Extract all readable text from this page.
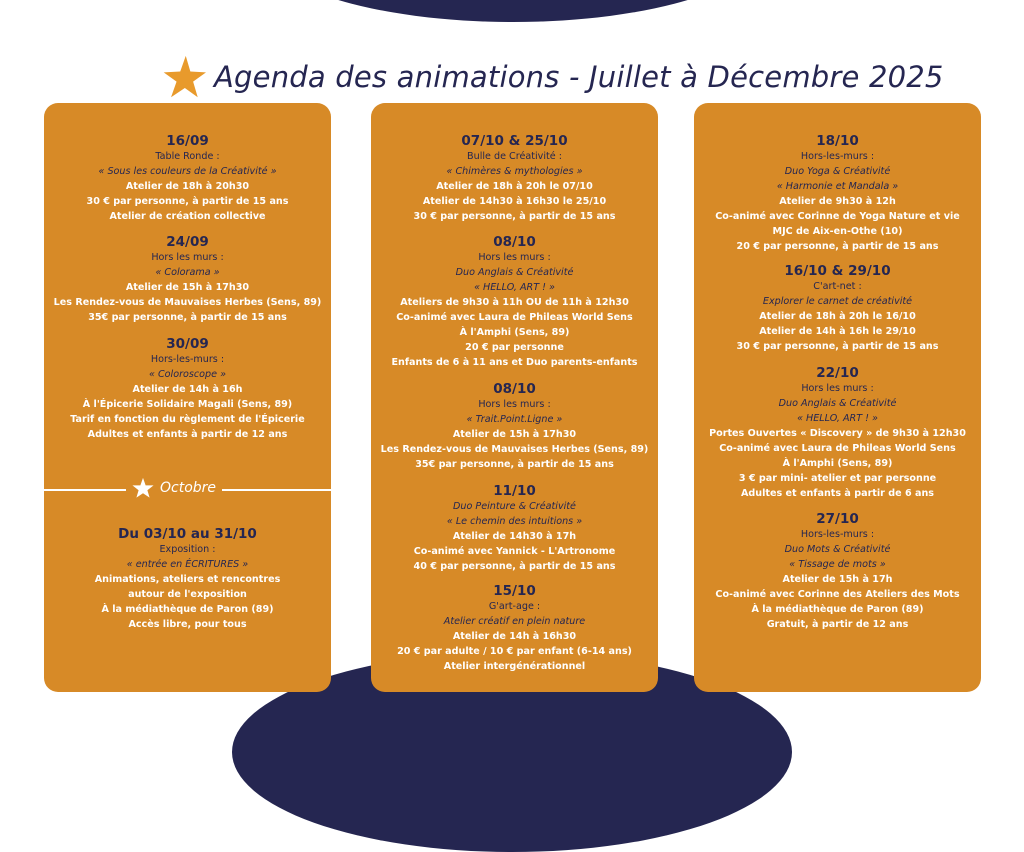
Agenda des animations - Juillet à Décembre 2025
16/09
Table Ronde :
« Sous les couleurs de la Créativité »
Atelier de 18h à 20h30
30 € par personne, à partir de 15 ans
Atelier de création collective
24/09
Hors les murs :
« Colorama »
Atelier de 15h à 17h30
Les Rendez-vous de Mauvaises Herbes (Sens, 89)
35€ par personne, à partir de 15 ans
30/09
Hors-les-murs :
« Coloroscope »
Atelier de 14h à 16h
À l'Épicerie Solidaire Magali (Sens, 89)
Tarif en fonction du règlement de l'Épicerie
Adultes et enfants à partir de 12 ans
Octobre
Du 03/10 au 31/10
Exposition :
« entrée en ÉCRITURES »
Animations, ateliers et rencontres
autour de l'exposition
À la médiathèque de Paron (89)
Accès libre, pour tous
07/10 & 25/10
Bulle de Créativité :
« Chimères & mythologies »
Atelier de 18h à 20h le 07/10
Atelier de 14h30 à 16h30 le 25/10
30 € par personne, à partir de 15 ans
08/10
Hors les murs :
Duo Anglais & Créativité
« HELLO, ART ! »
Ateliers de 9h30 à 11h OU de 11h à 12h30
Co-animé avec Laura de Phileas World Sens
À l'Amphi (Sens, 89)
20 € par personne
Enfants de 6 à 11 ans et Duo parents-enfants
08/10
Hors les murs :
« Trait.Point.Ligne »
Atelier de 15h à 17h30
Les Rendez-vous de Mauvaises Herbes (Sens, 89)
35€ par personne, à partir de 15 ans
11/10
Duo Peinture & Créativité
« Le chemin des intuitions »
Atelier de 14h30 à 17h
Co-animé avec Yannick - L'Artronome
40 € par personne, à partir de 15 ans
15/10
G'art-age :
Atelier créatif en plein nature
Atelier de 14h à 16h30
20 € par adulte / 10 € par enfant (6-14 ans)
Atelier intergénérationnel
18/10
Hors-les-murs :
Duo Yoga & Créativité
« Harmonie et Mandala »
Atelier de 9h30 à 12h
Co-animé avec Corinne de Yoga Nature et vie
MJC de Aix-en-Othe (10)
20 € par personne, à partir de 15 ans
16/10 & 29/10
C'art-net :
Explorer le carnet de créativité
Atelier de 18h à 20h le 16/10
Atelier de 14h à 16h le 29/10
30 € par personne, à partir de 15 ans
22/10
Hors les murs :
Duo Anglais & Créativité
« HELLO, ART ! »
Portes Ouvertes « Discovery » de 9h30 à 12h30
Co-animé avec Laura de Phileas World Sens
À l'Amphi (Sens, 89)
3 € par mini- atelier et par personne
Adultes et enfants à partir de 6 ans
27/10
Hors-les-murs :
Duo Mots & Créativité
« Tissage de mots »
Atelier de 15h à 17h
Co-animé avec Corinne des Ateliers des Mots
À la médiathèque de Paron (89)
Gratuit, à partir de 12 ans
